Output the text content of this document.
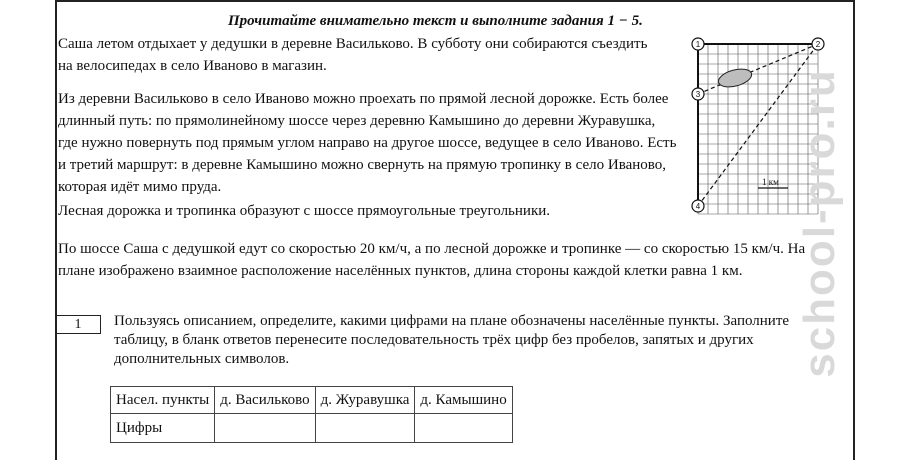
Прочитайте внимательно текст и выполните задания 1 − 5.

Саша летом отдыхает у дедушки в деревне Васильково. В субботу они собираются съездить на велосипедах в село Иваново в магазин.

Из деревни Васильково в село Иваново можно проехать по прямой лесной дорожке. Есть более длинный путь: по прямолинейному шоссе через деревню Камышино до деревни Журавушка, где нужно повернуть под прямым углом направо на другое шоссе, ведущее в село Иваново. Есть и третий маршрут: в деревне Камышино можно свернуть на прямую тропинку в село Иваново, которая идёт мимо пруда.

Лесная дорожка и тропинка образуют с шоссе прямоугольные треугольники.

По шоссе Саша с дедушкой едут со скоростью 20 км/ч, а по лесной дорожке и тропинке — со скоростью 15 км/ч. На плане изображено взаимное расположение населённых пунктов, длина стороны каждой клетки равна 1 км.

1	Пользуясь описанием, определите, какими цифрами на плане обозначены населённые пункты. Заполните таблицу, в бланк ответов перенесите последовательность трёх цифр без пробелов, запятых и других дополнительных символов.

Насел. пункты	д. Васильково	д. Журавушка	д. Камышино
Цифры			
1 км
1	2
3
4 school-pro.ru
